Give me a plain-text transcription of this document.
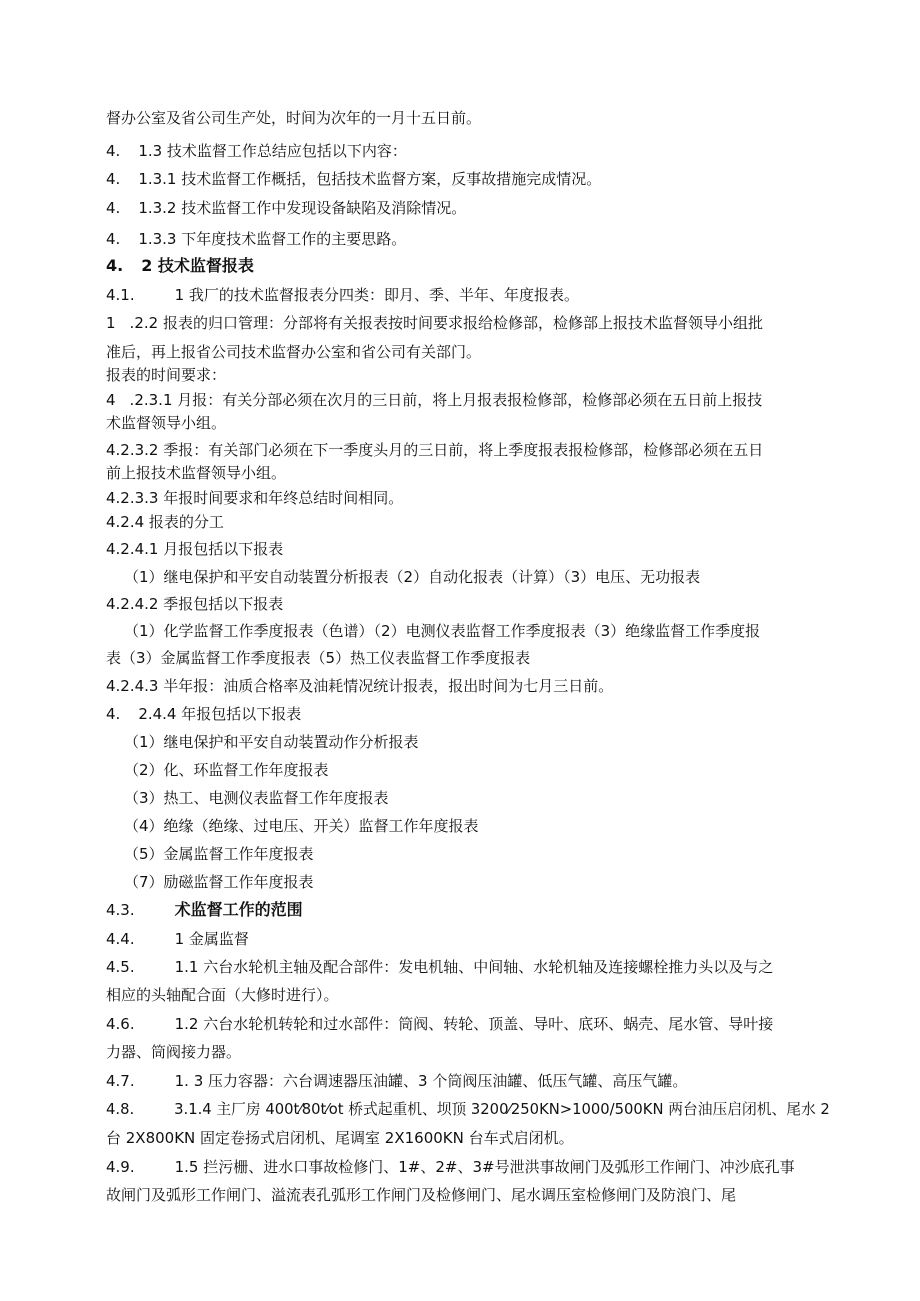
督办公室及省公司生产处，时间为次年的一月十五日前。
4. 1.3 技术监督工作总结应包括以下内容：
4. 1.3.1 技术监督工作概括，包括技术监督方案，反事故措施完成情况。
4. 1.3.2 技术监督工作中发现设备缺陷及消除情况。
4. 1.3.3 下年度技术监督工作的主要思路。
4. 2 技术监督报表
4.1.	1 我厂的技术监督报表分四类：即月、季、半年、年度报表。
1 .2.2 报表的归口管理：分部将有关报表按时间要求报给检修部，检修部上报技术监督领导小组批
准后，再上报省公司技术监督办公室和省公司有关部门。
报表的时间要求：
4 .2.3.1 月报：有关分部必须在次月的三日前，将上月报表报检修部，检修部必须在五日前上报技
术监督领导小组。
4.2.3.2 季报：有关部门必须在下一季度头月的三日前，将上季度报表报检修部，检修部必须在五日
前上报技术监督领导小组。
4.2.3.3 年报时间要求和年终总结时间相同。
4.2.4 报表的分工
4.2.4.1 月报包括以下报表
（1）继电保护和平安自动装置分析报表（2）自动化报表（计算）（3）电压、无功报表
4.2.4.2 季报包括以下报表
（1）化学监督工作季度报表（色谱）（2）电测仪表监督工作季度报表（3）绝缘监督工作季度报
表（3）金属监督工作季度报表（5）热工仪表监督工作季度报表
4.2.4.3 半年报：油质合格率及油耗情况统计报表，报出时间为七月三日前。
4. 2.4.4 年报包括以下报表
（1）继电保护和平安自动装置动作分析报表
（2）化、环监督工作年度报表
（3）热工、电测仪表监督工作年度报表
（4）绝缘（绝缘、过电压、开关）监督工作年度报表
（5）金属监督工作年度报表
（7）励磁监督工作年度报表
4.3.	术监督工作的范围
4.4.	1 金属监督
4.5.	1.1 六台水轮机主轴及配合部件：发电机轴、中间轴、水轮机轴及连接螺栓推力头以及与之
相应的头轴配合面（大修时进行）。
4.6.	1.2 六台水轮机转轮和过水部件：筒阀、转轮、顶盖、导叶、底环、蜗壳、尾水管、导叶接
力器、筒阀接力器。
4.7.	1. 3 压力容器：六台调速器压油罐、3 个筒阀压油罐、低压气罐、高压气罐。
4.8.	3.1.4 主厂房 400t⁄80t⁄ot 桥式起重机、坝顶 3200⁄250KN>1000/500KN 两台油压启闭机、尾水 2
台 2X800KN 固定卷扬式启闭机、尾调室 2X1600KN 台车式启闭机。
4.9.	1.5 拦污栅、进水口事故检修门、1#、2#、3#号泄洪事故闸门及弧形工作闸门、冲沙底孔事
故闸门及弧形工作闸门、溢流表孔弧形工作闸门及检修闸门、尾水调压室检修闸门及防浪门、尾
